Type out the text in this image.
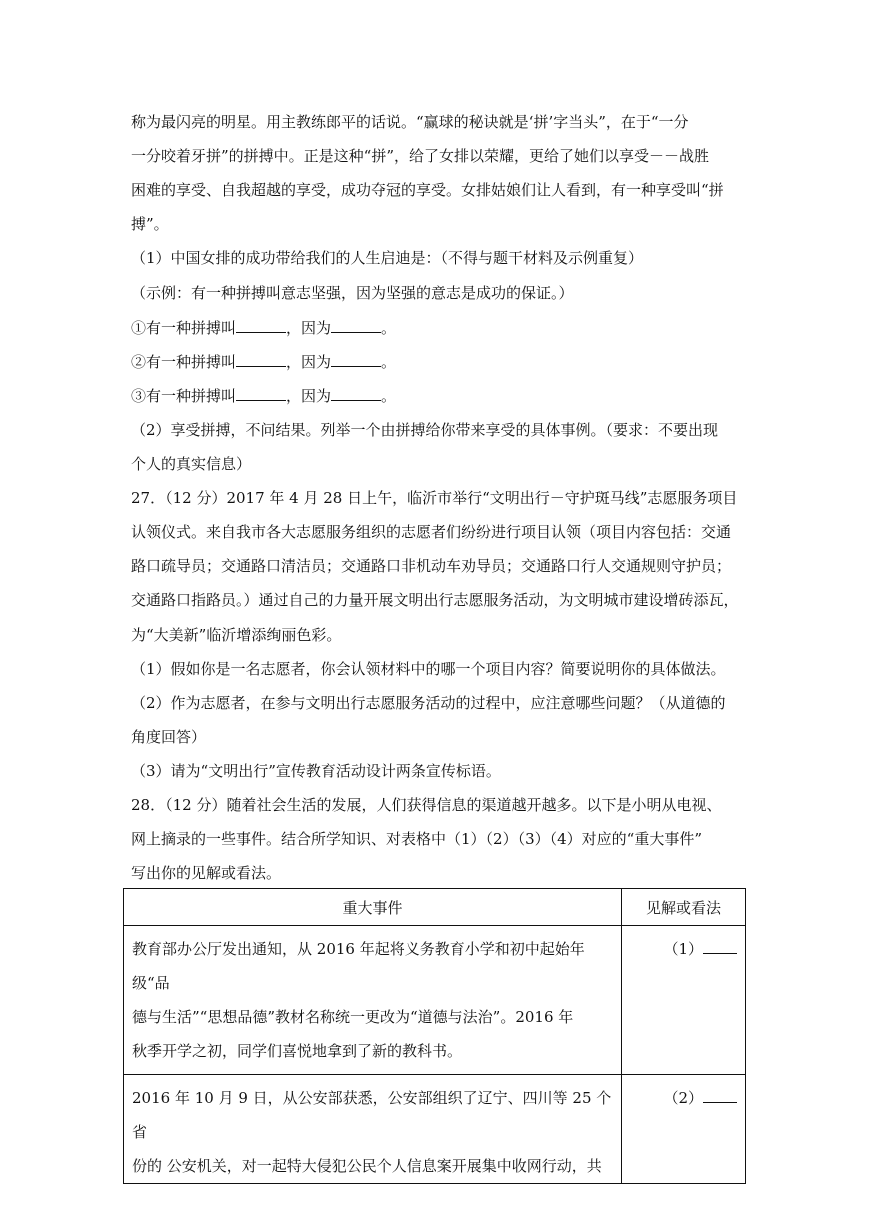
称为最闪亮的明星。用主教练郎平的话说。“赢球的秘诀就是‘拼’字当头”，在于“一分
一分咬着牙拼”的拼搏中。正是这种“拼”，给了女排以荣耀，更给了她们以享受－－战胜
困难的享受、自我超越的享受，成功夺冠的享受。女排姑娘们让人看到，有一种享受叫“拼
搏”。
（1）中国女排的成功带给我们的人生启迪是：（不得与题干材料及示例重复）
（示例：有一种拼搏叫意志坚强，因为坚强的意志是成功的保证。）
①有一种拼搏叫	，因为	。
②有一种拼搏叫	，因为	。
③有一种拼搏叫	，因为	。
（2）享受拼搏，不问结果。列举一个由拼搏给你带来享受的具体事例。（要求：不要出现
个人的真实信息）
27．（12 分）2017 年 4 月 28 日上午，临沂市举行“文明出行－守护斑马线”志愿服务项目
认领仪式。来自我市各大志愿服务组织的志愿者们纷纷进行项目认领（项目内容包括：交通
路口疏导员；交通路口清洁员；交通路口非机动车劝导员；交通路口行人交通规则守护员；
交通路口指路员。）通过自己的力量开展文明出行志愿服务活动，为文明城市建设增砖添瓦，
为“大美新”临沂增添绚丽色彩。
（1）假如你是一名志愿者，你会认领材料中的哪一个项目内容？简要说明你的具体做法。
（2）作为志愿者，在参与文明出行志愿服务活动的过程中，应注意哪些问题？（从道德的
角度回答）
（3）请为“文明出行”宣传教育活动设计两条宣传标语。
28．（12 分）随着社会生活的发展，人们获得信息的渠道越开越多。以下是小明从电视、
网上摘录的一些事件。结合所学知识、对表格中（1）（2）（3）（4）对应的“重大事件”
写出你的见解或看法。
重大事件	见解或看法

教育部办公厅发出通知，从 2016 年起将义务教育小学和初中起始年级“品
德与生活”“思想品德”教材名称统一更改为“道德与法治”。2016 年
秋季开学之初，同学们喜悦地拿到了新的教科书。	（1）

2016 年 10 月 9 日，从公安部获悉，公安部组织了辽宁、四川等 25 个省
份的 公安机关，对一起特大侵犯公民个人信息案开展集中收网行动，共	（2）
